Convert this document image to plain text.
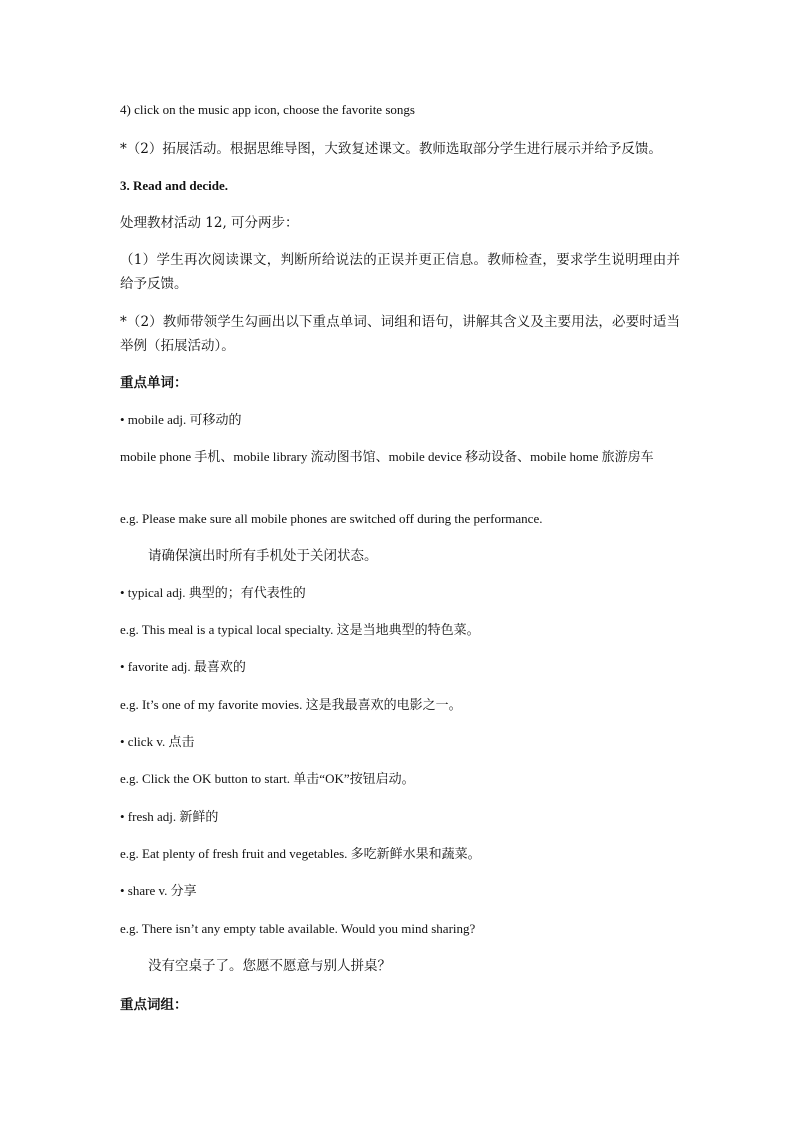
4) click on the music app icon, choose the favorite songs
*（2）拓展活动。根据思维导图，大致复述课文。教师选取部分学生进行展示并给予反馈。
3. Read and decide.
处理教材活动 12, 可分两步：
（1）学生再次阅读课文，判断所给说法的正误并更正信息。教师检查，要求学生说明理由并给予反馈。
*（2）教师带领学生勾画出以下重点单词、词组和语句，讲解其含义及主要用法，必要时适当举例（拓展活动）。
重点单词：
• mobile adj. 可移动的
mobile phone 手机、mobile library 流动图书馆、mobile device 移动设备、mobile home 旅游房车
e.g. Please make sure all mobile phones are switched off during the performance.
请确保演出时所有手机处于关闭状态。
• typical adj. 典型的；有代表性的
e.g. This meal is a typical local specialty. 这是当地典型的特色菜。
• favorite adj. 最喜欢的
e.g. It’s one of my favorite movies. 这是我最喜欢的电影之一。
• click v. 点击
e.g. Click the OK button to start. 单击“OK”按钮启动。
• fresh adj. 新鲜的
e.g. Eat plenty of fresh fruit and vegetables. 多吃新鲜水果和蔬菜。
• share v. 分享
e.g. There isn’t any empty table available. Would you mind sharing?
没有空桌子了。您愿不愿意与别人拼桌？
重点词组：
